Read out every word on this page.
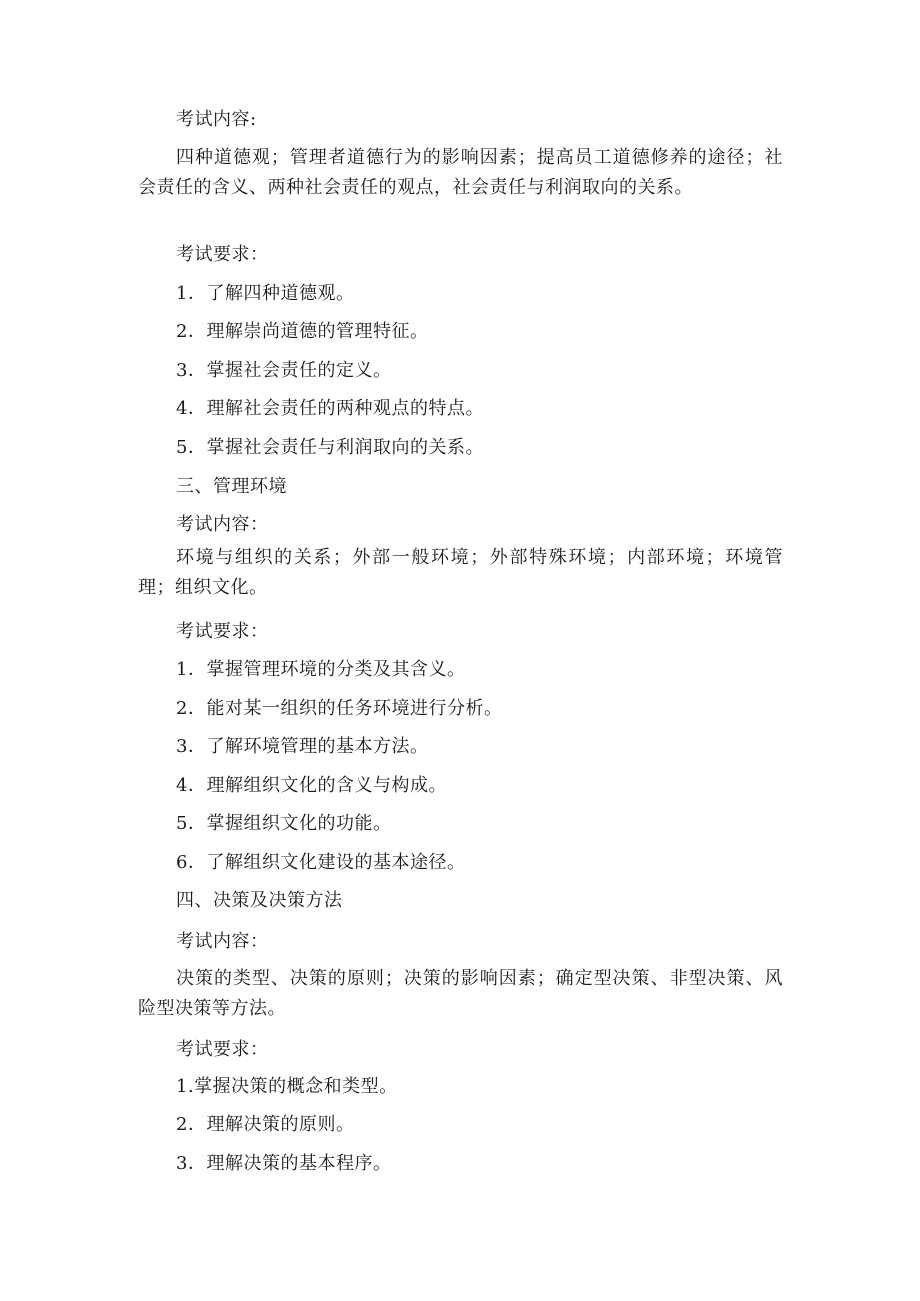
考试内容:
四种道德观；管理者道德行为的影响因素；提高员工道德修养的途径；社会责任的含义、两种社会责任的观点，社会责任与利润取向的关系。
考试要求：
1．了解四种道德观。
2．理解崇尚道德的管理特征。
3．掌握社会责任的定义。
4．理解社会责任的两种观点的特点。
5．掌握社会责任与利润取向的关系。
三、管理环境
考试内容：
环境与组织的关系；外部一般环境；外部特殊环境；内部环境；环境管理；组织文化。
考试要求：
1．掌握管理环境的分类及其含义。
2．能对某一组织的任务环境进行分析。
3．了解环境管理的基本方法。
4．理解组织文化的含义与构成。
5．掌握组织文化的功能。
6．了解组织文化建设的基本途径。
四、决策及决策方法
考试内容：
决策的类型、决策的原则；决策的影响因素；确定型决策、非型决策、风险型决策等方法。
考试要求：
1.掌握决策的概念和类型。
2．理解决策的原则。
3．理解决策的基本程序。
